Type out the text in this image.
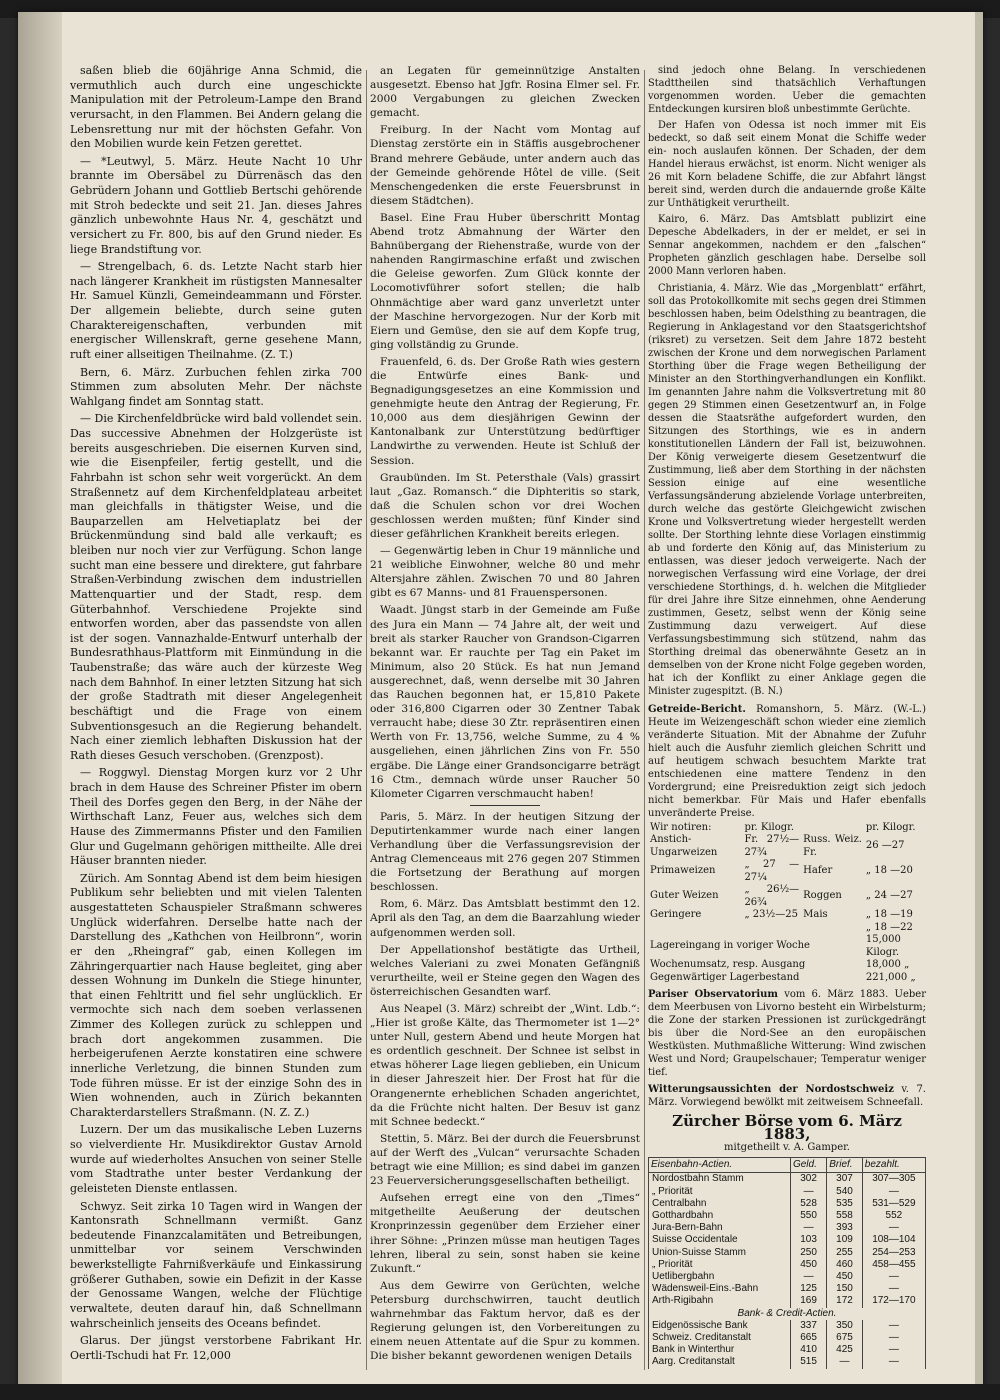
saßen blieb die 60jährige Anna Schmid, die vermuthlich auch durch eine ungeschickte Manipulation mit der Petroleum-Lampe den Brand verursacht, in den Flammen. Bei Andern gelang die Lebensrettung nur mit der höchsten Gefahr. Von den Mobilien wurde kein Fetzen gerettet.

— *Leutwyl, 5. März. Heute Nacht 10 Uhr brannte im Obersäbel zu Dürrenäsch das den Gebrüdern Johann und Gottlieb Bertschi gehörende mit Stroh bedeckte und seit 21. Jan. dieses Jahres gänzlich unbewohnte Haus Nr. 4, geschätzt und versichert zu Fr. 800, bis auf den Grund nieder. Es liege Brandstiftung vor.

— Strengelbach, 6. ds. Letzte Nacht starb hier nach längerer Krankheit im rüstigsten Mannesalter Hr. Samuel Künzli, Gemeindeammann und Förster. Der allgemein beliebte, durch seine guten Charaktereigenschaften, verbunden mit energischer Willenskraft, gerne gesehene Mann, ruft einer allseitigen Theilnahme. (Z. T.)

Bern, 6. März. Zurbuchen fehlen zirka 700 Stimmen zum absoluten Mehr. Der nächste Wahlgang findet am Sonntag statt.

— Die Kirchenfeldbrücke wird bald vollendet sein. Das successive Abnehmen der Holzgerüste ist bereits ausgeschrieben. Die eisernen Kurven sind, wie die Eisenpfeiler, fertig gestellt, und die Fahrbahn ist schon sehr weit vorgerückt. An dem Straßennetz auf dem Kirchenfeldplateau arbeitet man gleichfalls in thätigster Weise, und die Bauparzellen am Helvetiaplatz bei der Brückenmündung sind bald alle verkauft; es bleiben nur noch vier zur Verfügung. Schon lange sucht man eine bessere und direktere, gut fahrbare Straßen-Verbindung zwischen dem industriellen Mattenquartier und der Stadt, resp. dem Güterbahnhof. Verschiedene Projekte sind entworfen worden, aber das passendste von allen ist der sogen. Vannazhalde-Entwurf unterhalb der Bundesrathhaus-Plattform mit Einmündung in die Taubenstraße; das wäre auch der kürzeste Weg nach dem Bahnhof. In einer letzten Sitzung hat sich der große Stadtrath mit dieser Angelegenheit beschäftigt und die Frage von einem Subventionsgesuch an die Regierung behandelt. Nach einer ziemlich lebhaften Diskussion hat der Rath dieses Gesuch verschoben. (Grenzpost).

— Roggwyl. Dienstag Morgen kurz vor 2 Uhr brach in dem Hause des Schreiner Pfister im obern Theil des Dorfes gegen den Berg, in der Nähe der Wirthschaft Lanz, Feuer aus, welches sich dem Hause des Zimmermanns Pfister und den Familien Glur und Gugelmann gehörigen mittheilte. Alle drei Häuser brannten nieder.

Zürich. Am Sonntag Abend ist dem beim hiesigen Publikum sehr beliebten und mit vielen Talenten ausgestatteten Schauspieler Straßmann schweres Unglück widerfahren. Derselbe hatte nach der Darstellung des „Kathchen von Heilbronn“, worin er den „Rheingraf“ gab, einen Kollegen im Zähringerquartier nach Hause begleitet, ging aber dessen Wohnung im Dunkeln die Stiege hinunter, that einen Fehltritt und fiel sehr unglücklich. Er vermochte sich nach dem soeben verlassenen Zimmer des Kollegen zurück zu schleppen und brach dort angekommen zusammen. Die herbeigerufenen Aerzte konstatiren eine schwere innerliche Verletzung, die binnen Stunden zum Tode führen müsse. Er ist der einzige Sohn des in Wien wohnenden, auch in Zürich bekannten Charakterdarstellers Straßmann. (N. Z. Z.)

Luzern. Der um das musikalische Leben Luzerns so vielverdiente Hr. Musikdirektor Gustav Arnold wurde auf wiederholtes Ansuchen von seiner Stelle vom Stadtrathe unter bester Verdankung der geleisteten Dienste entlassen.

Schwyz. Seit zirka 10 Tagen wird in Wangen der Kantonsrath Schnellmann vermißt. Ganz bedeutende Finanzcalamitäten und Betreibungen, unmittelbar vor seinem Verschwinden bewerkstelligte Fahrnißverkäufe und Einkassirung größerer Guthaben, sowie ein Defizit in der Kasse der Genossame Wangen, welche der Flüchtige verwaltete, deuten darauf hin, daß Schnellmann wahrscheinlich jenseits des Oceans befindet.

Glarus. Der jüngst verstorbene Fabrikant Hr. Oertli-Tschudi hat Fr. 12,000

an Legaten für gemeinnützige Anstalten ausgesetzt. Ebenso hat Jgfr. Rosina Elmer sel. Fr. 2000 Vergabungen zu gleichen Zwecken gemacht.

Freiburg. In der Nacht vom Montag auf Dienstag zerstörte ein in Stäffis ausgebrochener Brand mehrere Gebäude, unter andern auch das der Gemeinde gehörende Hôtel de ville. (Seit Menschengedenken die erste Feuersbrunst in diesem Städtchen).

Basel. Eine Frau Huber überschritt Montag Abend trotz Abmahnung der Wärter den Bahnübergang der Riehenstraße, wurde von der nahenden Rangirmaschine erfaßt und zwischen die Geleise geworfen. Zum Glück konnte der Locomotivführer sofort stellen; die halb Ohnmächtige aber ward ganz unverletzt unter der Maschine hervorgezogen. Nur der Korb mit Eiern und Gemüse, den sie auf dem Kopfe trug, ging vollständig zu Grunde.

Frauenfeld, 6. ds. Der Große Rath wies gestern die Entwürfe eines Bank- und Begnadigungsgesetzes an eine Kommission und genehmigte heute den Antrag der Regierung, Fr. 10,000 aus dem diesjährigen Gewinn der Kantonalbank zur Unterstützung bedürftiger Landwirthe zu verwenden. Heute ist Schluß der Session.

Graubünden. Im St. Petersthale (Vals) grassirt laut „Gaz. Romansch.“ die Diphteritis so stark, daß die Schulen schon vor drei Wochen geschlossen werden mußten; fünf Kinder sind dieser gefährlichen Krankheit bereits erlegen.

— Gegenwärtig leben in Chur 19 männliche und 21 weibliche Einwohner, welche 80 und mehr Altersjahre zählen. Zwischen 70 und 80 Jahren gibt es 67 Manns- und 81 Frauenspersonen.

Waadt. Jüngst starb in der Gemeinde am Fuße des Jura ein Mann — 74 Jahre alt, der weit und breit als starker Raucher von Grandson-Cigarren bekannt war. Er rauchte per Tag ein Paket im Minimum, also 20 Stück. Es hat nun Jemand ausgerechnet, daß, wenn derselbe mit 30 Jahren das Rauchen begonnen hat, er 15,810 Pakete oder 316,800 Cigarren oder 30 Zentner Tabak verraucht habe; diese 30 Ztr. repräsentiren einen Werth von Fr. 13,756, welche Summe, zu 4 % ausgeliehen, einen jährlichen Zins von Fr. 550 ergäbe. Die Länge einer Grandsoncigarre beträgt 16 Ctm., demnach würde unser Raucher 50 Kilometer Cigarren verschmaucht haben!

Paris, 5. März. In der heutigen Sitzung der Deputirtenkammer wurde nach einer langen Verhandlung über die Verfassungsrevision der Antrag Clemenceaus mit 276 gegen 207 Stimmen die Fortsetzung der Berathung auf morgen beschlossen.

Rom, 6. März. Das Amtsblatt bestimmt den 12. April als den Tag, an dem die Baarzahlung wieder aufgenommen werden soll.

Der Appellationshof bestätigte das Urtheil, welches Valeriani zu zwei Monaten Gefängniß verurtheilte, weil er Steine gegen den Wagen des österreichischen Gesandten warf.

Aus Neapel (3. März) schreibt der „Wint. Ldb.“: „Hier ist große Kälte, das Thermometer ist 1—2° unter Null, gestern Abend und heute Morgen hat es ordentlich geschneit. Der Schnee ist selbst in etwas höherer Lage liegen geblieben, ein Unicum in dieser Jahreszeit hier. Der Frost hat für die Orangenernte erheblichen Schaden angerichtet, da die Früchte nicht halten. Der Besuv ist ganz mit Schnee bedeckt.“

Stettin, 5. März. Bei der durch die Feuersbrunst auf der Werft des „Vulcan“ verursachte Schaden betragt wie eine Million; es sind dabei im ganzen 23 Feuerversicherungsgesellschaften betheiligt.

Aufsehen erregt eine von den „Times“ mitgetheilte Aeußerung der deutschen Kronprinzessin gegenüber dem Erzieher einer ihrer Söhne: „Prinzen müsse man heutigen Tages lehren, liberal zu sein, sonst haben sie keine Zukunft.“

Aus dem Gewirre von Gerüchten, welche Petersburg durchschwirren, taucht deutlich wahrnehmbar das Faktum hervor, daß es der Regierung gelungen ist, den Vorbereitungen zu einem neuen Attentate auf die Spur zu kommen. Die bisher bekannt gewordenen wenigen Details

sind jedoch ohne Belang. In verschiedenen Stadttheilen sind thatsächlich Verhaftungen vorgenommen worden. Ueber die gemachten Entdeckungen kursiren bloß unbestimmte Gerüchte.

Der Hafen von Odessa ist noch immer mit Eis bedeckt, so daß seit einem Monat die Schiffe weder ein- noch auslaufen können. Der Schaden, der dem Handel hieraus erwächst, ist enorm. Nicht weniger als 26 mit Korn beladene Schiffe, die zur Abfahrt längst bereit sind, werden durch die andauernde große Kälte zur Unthätigkeit verurtheilt.

Kairo, 6. März. Das Amtsblatt publizirt eine Depesche Abdelkaders, in der er meldet, er sei in Sennar angekommen, nachdem er den „falschen“ Propheten gänzlich geschlagen habe. Derselbe soll 2000 Mann verloren haben.

Christiania, 4. März. Wie das „Morgenblatt“ erfährt, soll das Protokollkomite mit sechs gegen drei Stimmen beschlossen haben, beim Odelsthing zu beantragen, die Regierung in Anklagestand vor den Staatsgerichtshof (riksret) zu versetzen. Seit dem Jahre 1872 besteht zwischen der Krone und dem norwegischen Parlament Storthing über die Frage wegen Betheiligung der Minister an den Storthingverhandlungen ein Konflikt. Im genannten Jahre nahm die Volksvertretung mit 80 gegen 29 Stimmen einen Gesetzentwurf an, in Folge dessen die Staatsräthe aufgefordert wurden, den Sitzungen des Storthings, wie es in andern konstitutionellen Ländern der Fall ist, beizuwohnen. Der König verweigerte diesem Gesetzentwurf die Zustimmung, ließ aber dem Storthing in der nächsten Session einige auf eine wesentliche Verfassungsänderung abzielende Vorlage unterbreiten, durch welche das gestörte Gleichgewicht zwischen Krone und Volksvertretung wieder hergestellt werden sollte. Der Storthing lehnte diese Vorlagen einstimmig ab und forderte den König auf, das Ministerium zu entlassen, was dieser jedoch verweigerte. Nach der norwegischen Verfassung wird eine Vorlage, der drei verschiedene Storthings, d. h. welchen die Mitglieder für drei Jahre ihre Sitze einnehmen, ohne Aenderung zustimmen, Gesetz, selbst wenn der König seine Zustimmung dazu verweigert. Auf diese Verfassungsbestimmung sich stützend, nahm das Storthing dreimal das obenerwähnte Gesetz an in demselben von der Krone nicht Folge gegeben worden, hat ich der Konflikt zu einer Anklage gegen die Minister zugespitzt. (B. N.)

Getreide-Bericht. Romanshorn, 5. März. (W.-L.) Heute im Weizengeschäft schon wieder eine ziemlich veränderte Situation. Mit der Abnahme der Zufuhr hielt auch die Ausfuhr ziemlich gleichen Schritt und auf heutigem schwach besuchtem Markte trat entschiedenen eine mattere Tendenz in den Vordergrund; eine Preisreduktion zeigt sich jedoch nicht bemerkbar. Für Mais und Hafer ebenfalls unveränderte Preise.
Wir notiren:	pr. Kilogr.		pr. Kilogr.
Anstich-Ungarweizen	Fr. 27½—27¾	Russ. Weiz. Fr.	26 —27
Primaweizen	„ 27 —27¼	Hafer	„ 18 —20
Guter Weizen	„ 26½—26¾	Roggen	„ 24 —27
Geringere	„ 23½—25	Mais	„ 18 —19
			„ 18 —22
Lagereingang in voriger Woche			15,000 Kilogr.
Wochenumsatz, resp. Ausgang			18,000 „
Gegenwärtiger Lagerbestand			221,000 „
Pariser Observatorium vom 6. März 1883. Ueber dem Meerbusen von Livorno besteht ein Wirbelsturm; die Zone der starken Pressionen ist zurückgedrängt bis über die Nord-See an den europäischen Westküsten. Muthmaßliche Witterung: Wind zwischen West und Nord; Graupelschauer; Temperatur weniger tief.
Witterungsaussichten der Nordostschweiz v. 7. März. Vorwiegend bewölkt mit zeitweisem Schneefall.
Zürcher Börse vom 6. März 1883,
mitgetheilt v. A. Gamper.
Eisenbahn-Actien.	Geld.	Brief.	bezahlt.
Nordostbahn Stamm	302	307	307—305
„ Priorität	—	540	—
Centralbahn	528	535	531—529
Gotthardbahn	550	558	552
Jura-Bern-Bahn	—	393	—
Suisse Occidentale	103	109	108—104
Union-Suisse Stamm	250	255	254—253
„ Priorität	450	460	458—455
Uetlibergbahn	—	450	—
Wädensweil-Eins.-Bahn	125	150	—
Arth-Rigibahn	169	172	172—170
Bank- & Credit-Actien.			
Eidgenössische Bank	337	350	—
Schweiz. Creditanstalt	665	675	—
Bank in Winterthur	410	425	—
Aarg. Creditanstalt	515	—	—
